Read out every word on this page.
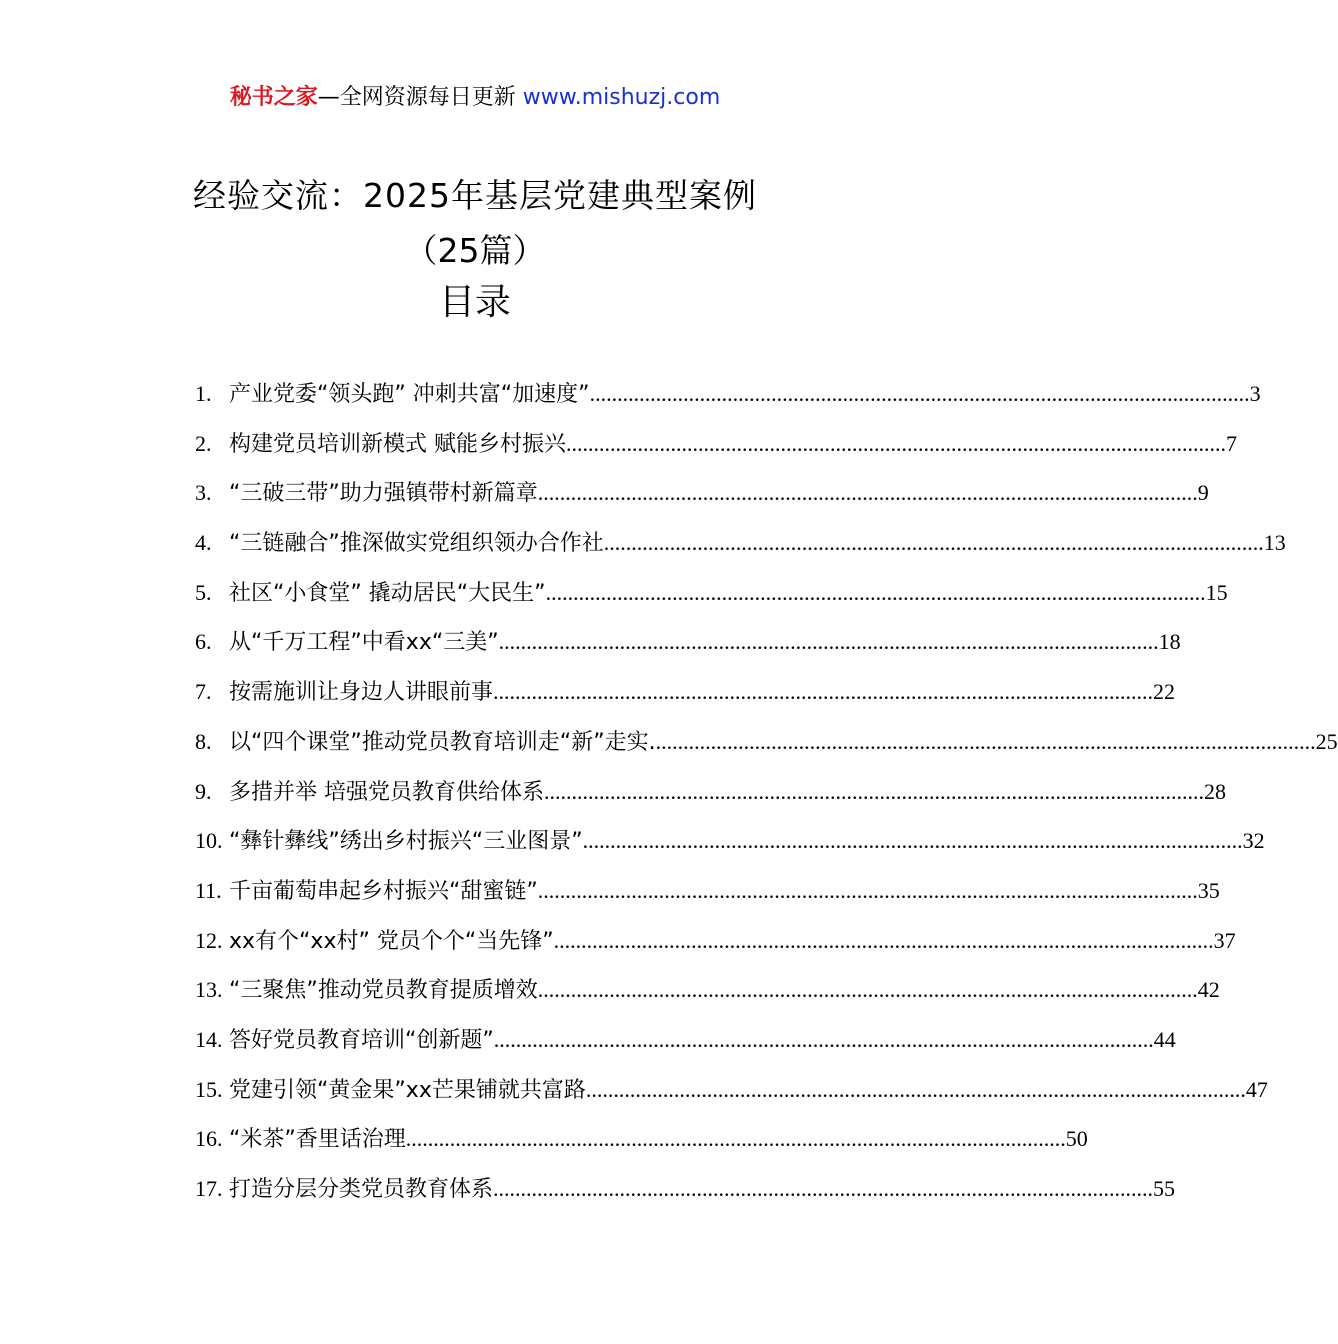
秘书之家—全网资源每日更新 www.mishuzj.com
经验交流：2025年基层党建典型案例
（25篇）
目录
1. 产业党委“领头跑” 冲刺共富“加速度” .....	3
2. 构建党员培训新模式 赋能乡村振兴 .....	7
3. “三破三带”助力强镇带村新篇章 .....	9
4. “三链融合”推深做实党组织领办合作社 .....	13
5. 社区“小食堂” 撬动居民“大民生” .....	15
6. 从“千万工程”中看xx“三美” .....	18
7. 按需施训让身边人讲眼前事 .....	22
8. 以“四个课堂”推动党员教育培训走“新”走实. .....	25
9. 多措并举 培强党员教育供给体系 .....	28
10. “彝针彝线”绣出乡村振兴“三业图景” .....	32
11. 千亩葡萄串起乡村振兴“甜蜜链” .....	35
12. xx有个“xx村” 党员个个“当先锋” .....	37
13. “三聚焦”推动党员教育提质增效 .....	42
14. 答好党员教育培训“创新题” .....	44
15. 党建引领“黄金果”xx芒果铺就共富路 .....	47
16. “米茶”香里话治理 .....	50
17. 打造分层分类党员教育体系 .....	55
